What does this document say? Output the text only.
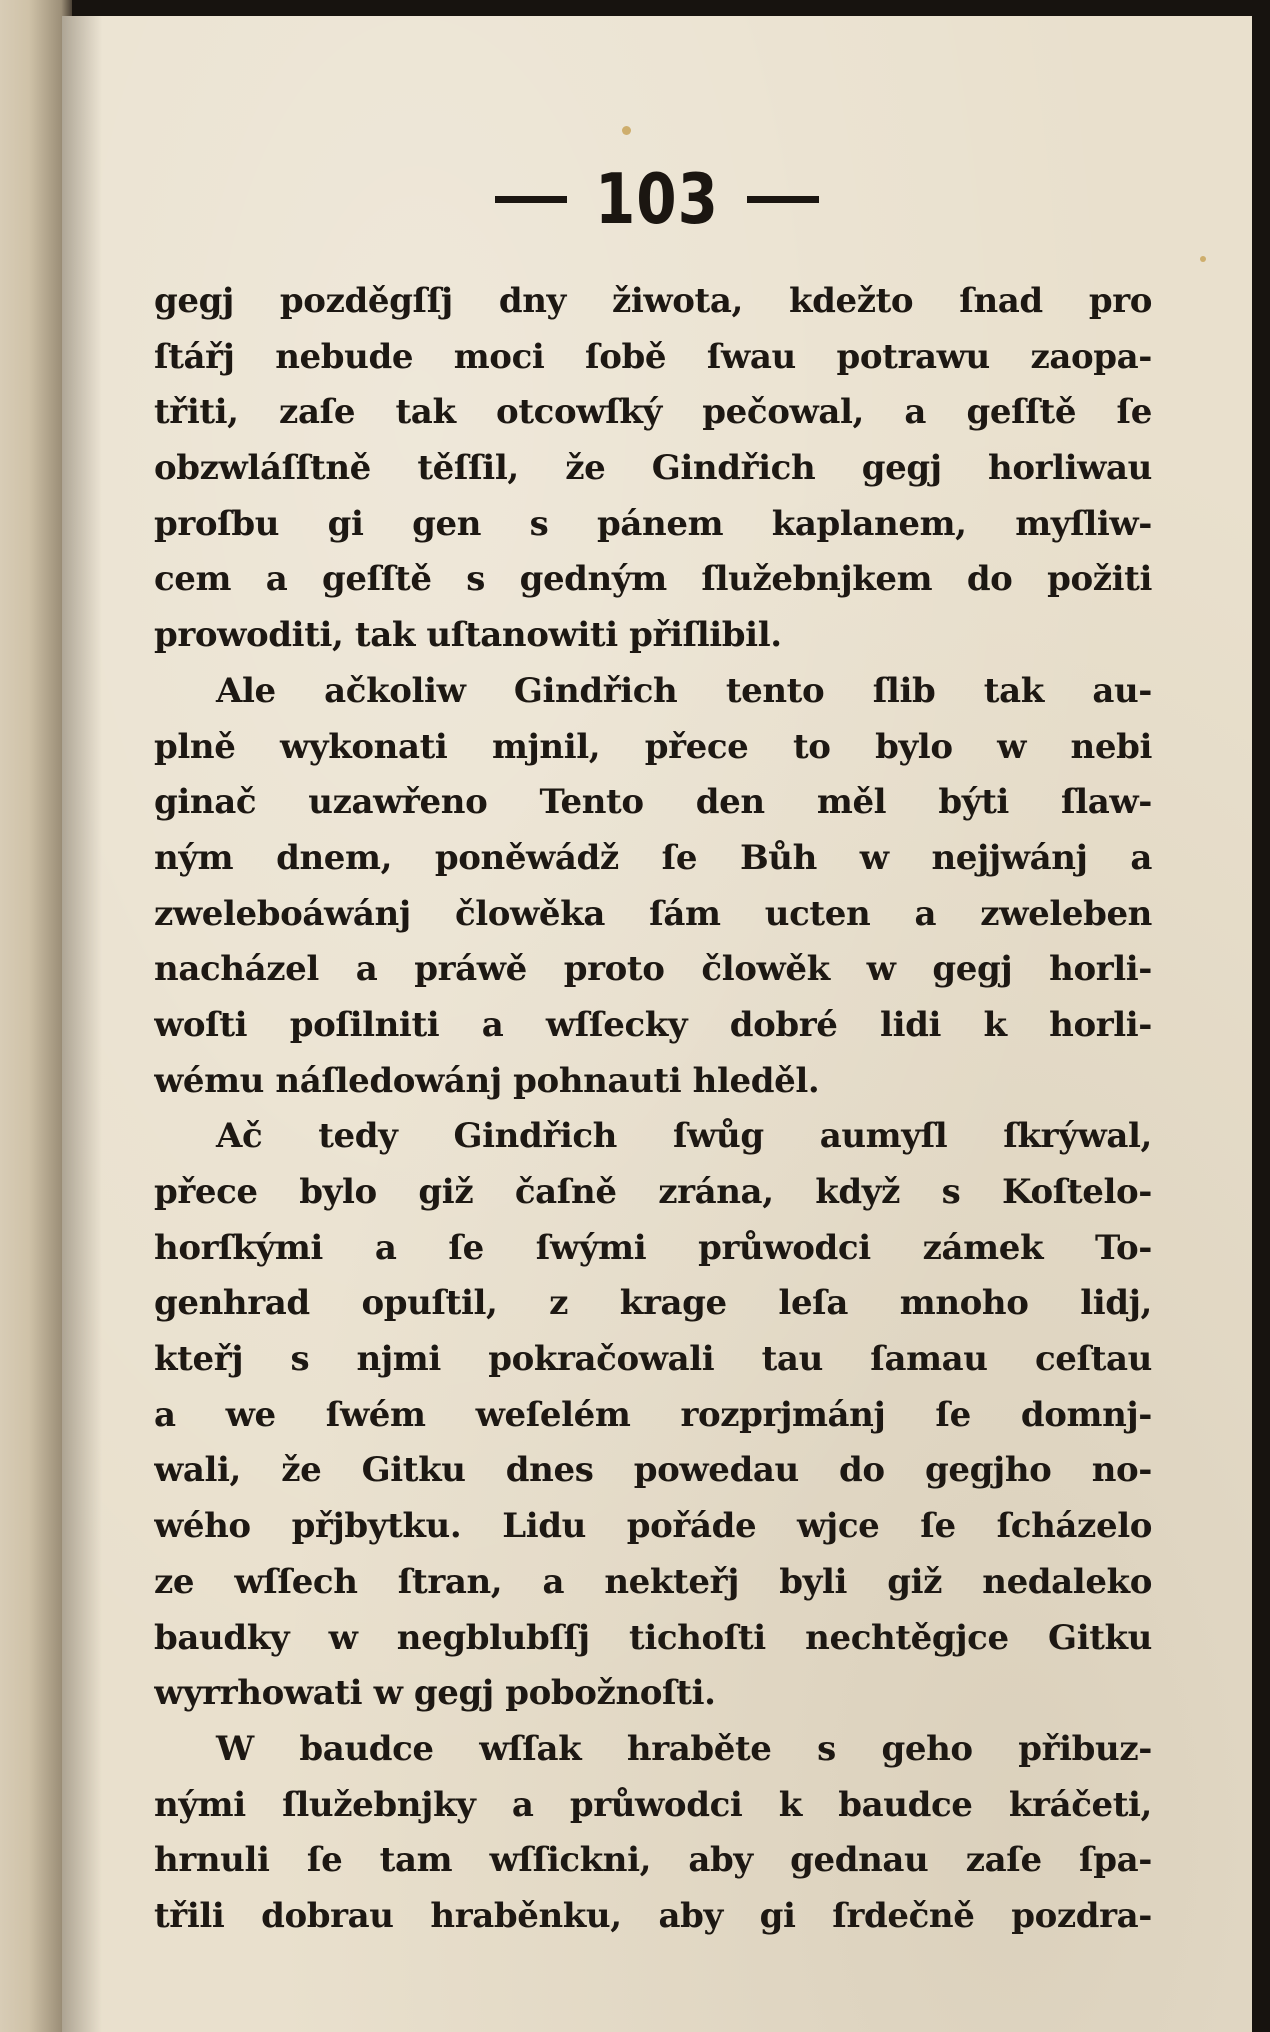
103
gegj pozděgſſj dny žiwota, kdežto ſnad pro
ſtářj nebude moci ſobě ſwau potrawu zaopa-
třiti, zaſe tak otcowſký pečowal, a geſſtě ſe
obzwláſſtně těſſil, že Gindřich gegj horliwau
proſbu gi gen s pánem kaplanem, myſliw-
cem a geſſtě s gedným ſlužebnjkem do požiti
prowoditi, tak uſtanowiti přiſlibil.
Ale ačkoliw Gindřich tento ſlib tak au-
plně wykonati mjnil, přece to bylo w nebi
ginač uzawřeno Tento den měl býti ſlaw-
ným dnem, poněwádž ſe Bůh w nejjwánj a
zweleboáwánj člowěka ſám ucten a zweleben
nacházel a práwě proto člowěk w gegj horli-
woſti poſilniti a wſſecky dobré lidi k horli-
wému náſledowánj pohnauti hleděl.
Ač tedy Gindřich ſwůg aumyſl ſkrýwal,
přece bylo giž čaſně zrána, když s Koſtelo-
horſkými a ſe ſwými průwodci zámek To-
genhrad opuſtil, z krage leſa mnoho lidj,
kteřj s njmi pokračowali tau ſamau ceſtau
a we ſwém weſelém rozprjmánj ſe domnj-
wali, že Gitku dnes powedau do gegjho no-
wého přjbytku. Lidu pořáde wjce ſe ſcházelo
ze wſſech ſtran, a nekteřj byli giž nedaleko
baudky w negblubſſj tichoſti nechtěgjce Gitku
wyrrhowati w gegj pobožnoſti.
W baudce wſſak hraběte s geho přibuz-
nými ſlužebnjky a průwodci k baudce kráčeti,
hrnuli ſe tam wſſickni, aby gednau zaſe ſpa-
třili dobrau hraběnku, aby gi ſrdečně pozdra-
